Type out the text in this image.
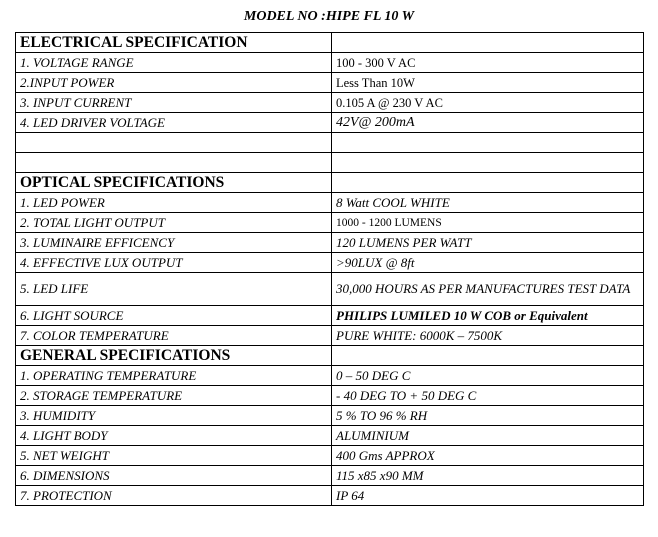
MODEL NO :HIPE FL 10 W
ELECTRICAL SPECIFICATION	
1. VOLTAGE RANGE	100 - 300 V AC
2.INPUT POWER	Less Than 10W
3. INPUT CURRENT	0.105 A @ 230 V AC
4. LED DRIVER VOLTAGE	42V@ 200mA

OPTICAL SPECIFICATIONS	
1. LED POWER	8 Watt COOL WHITE
2. TOTAL LIGHT OUTPUT	1000 - 1200 LUMENS
3. LUMINAIRE EFFICENCY	120 LUMENS PER WATT
4. EFFECTIVE LUX OUTPUT	>90LUX @ 8ft
5. LED LIFE	30,000 HOURS AS PER MANUFACTURES TEST DATA
6. LIGHT SOURCE	PHILIPS LUMILED 10 W COB or Equivalent
7. COLOR TEMPERATURE	PURE WHITE: 6000K – 7500K
GENERAL SPECIFICATIONS	
1. OPERATING TEMPERATURE	0 – 50 DEG C
2. STORAGE TEMPERATURE	- 40 DEG TO + 50 DEG C
3. HUMIDITY	5 % TO 96 % RH
4. LIGHT BODY	ALUMINIUM
5. NET WEIGHT	400 Gms APPROX
6. DIMENSIONS	115 x85 x90 MM
7. PROTECTION	IP 64
